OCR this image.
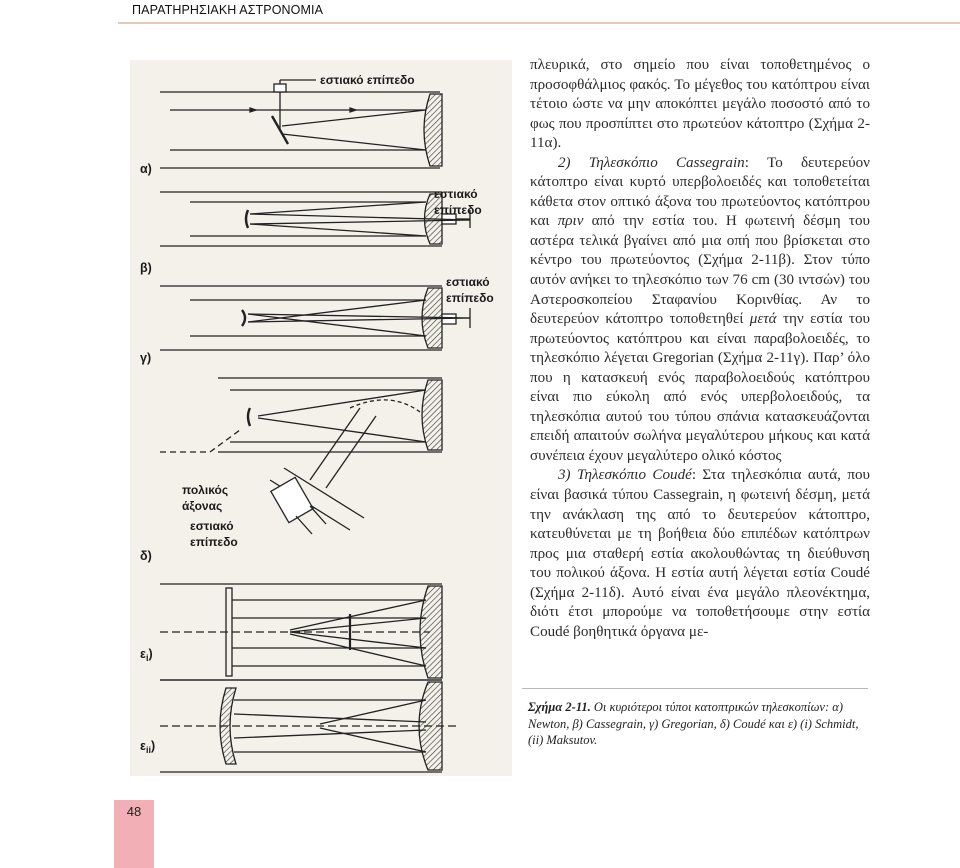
ΠΑΡΑΤΗΡΗΣΙΑΚΗ ΑΣΤΡΟΝΟΜΙΑ
α)
β)
γ)
δ)
$\varepsilon_i$)
$\varepsilon_{ii}$)
εστιακό επίπεδο
εστιακό
επίπεδο
εστιακό
επίπεδο
πολικός
άξονας
εστιακό
επίπεδο

πλευρικά, στο σημείο που είναι τοποθετημένος ο προσοφθάλμιος φακός. Το μέγεθος του κατόπτρου είναι τέτοιο ώστε να μην αποκόπτει μεγάλο ποσοστό από το φως που προσπίπτει στο πρωτεύον κάτοπτρο (Σχήμα 2-11α).

2) Τηλεσκόπιο Cassegrain: Το δευτερεύον κάτοπτρο είναι κυρτό υπερβολοειδές και τοποθετείται κάθετα στον οπτικό άξονα του πρωτεύοντος κατόπτρου και πριν από την εστία του. Η φωτεινή δέσμη του αστέρα τελικά βγαίνει από μια οπή που βρίσκεται στο κέντρο του πρωτεύοντος (Σχήμα 2-11β). Στον τύπο αυτόν ανήκει το τηλεσκόπιο των 76 cm (30 ιντσών) του Αστεροσκοπείου Σταφανίου Κορινθίας. Αν το δευτερεύον κάτοπτρο τοποθετηθεί μετά την εστία του πρωτεύοντος κατόπτρου και είναι παραβολοειδές, το τηλεσκόπιο λέγεται Gregorian (Σχήμα 2-11γ). Παρ’ όλο που η κατασκευή ενός παραβολοειδούς κατόπτρου είναι πιο εύκολη από ενός υπερβολοειδούς, τα τηλεσκόπια αυτού του τύπου σπάνια κατασκευάζονται επειδή απαιτούν σωλήνα μεγαλύτερου μήκους και κατά συνέπεια έχουν μεγαλύτερο ολικό κόστος

3) Τηλεσκόπιο Coudé: Στα τηλεσκόπια αυτά, που είναι βασικά τύπου Cassegrain, η φωτεινή δέσμη, μετά την ανάκλαση της από το δευτερεύον κάτοπτρο, κατευθύνεται με τη βοήθεια δύο επιπέδων κατόπτρων προς μια σταθερή εστία ακολουθώντας τη διεύθυνση του πολικού άξονα. Η εστία αυτή λέγεται εστία Coudé (Σχήμα 2-11δ). Αυτό είναι ένα μεγάλο πλεονέκτημα, διότι έτσι μπορούμε να τοποθετήσουμε στην εστία Coudé βοηθητικά όργανα με-

Σχήμα 2-11. Οι κυριότεροι τύποι κατοπτρικών τηλεσκοπίων: α) Newton, β) Cassegrain, γ) Gregorian, δ) Coudé και ε) (i) Schmidt, (ii) Maksutov.
48
